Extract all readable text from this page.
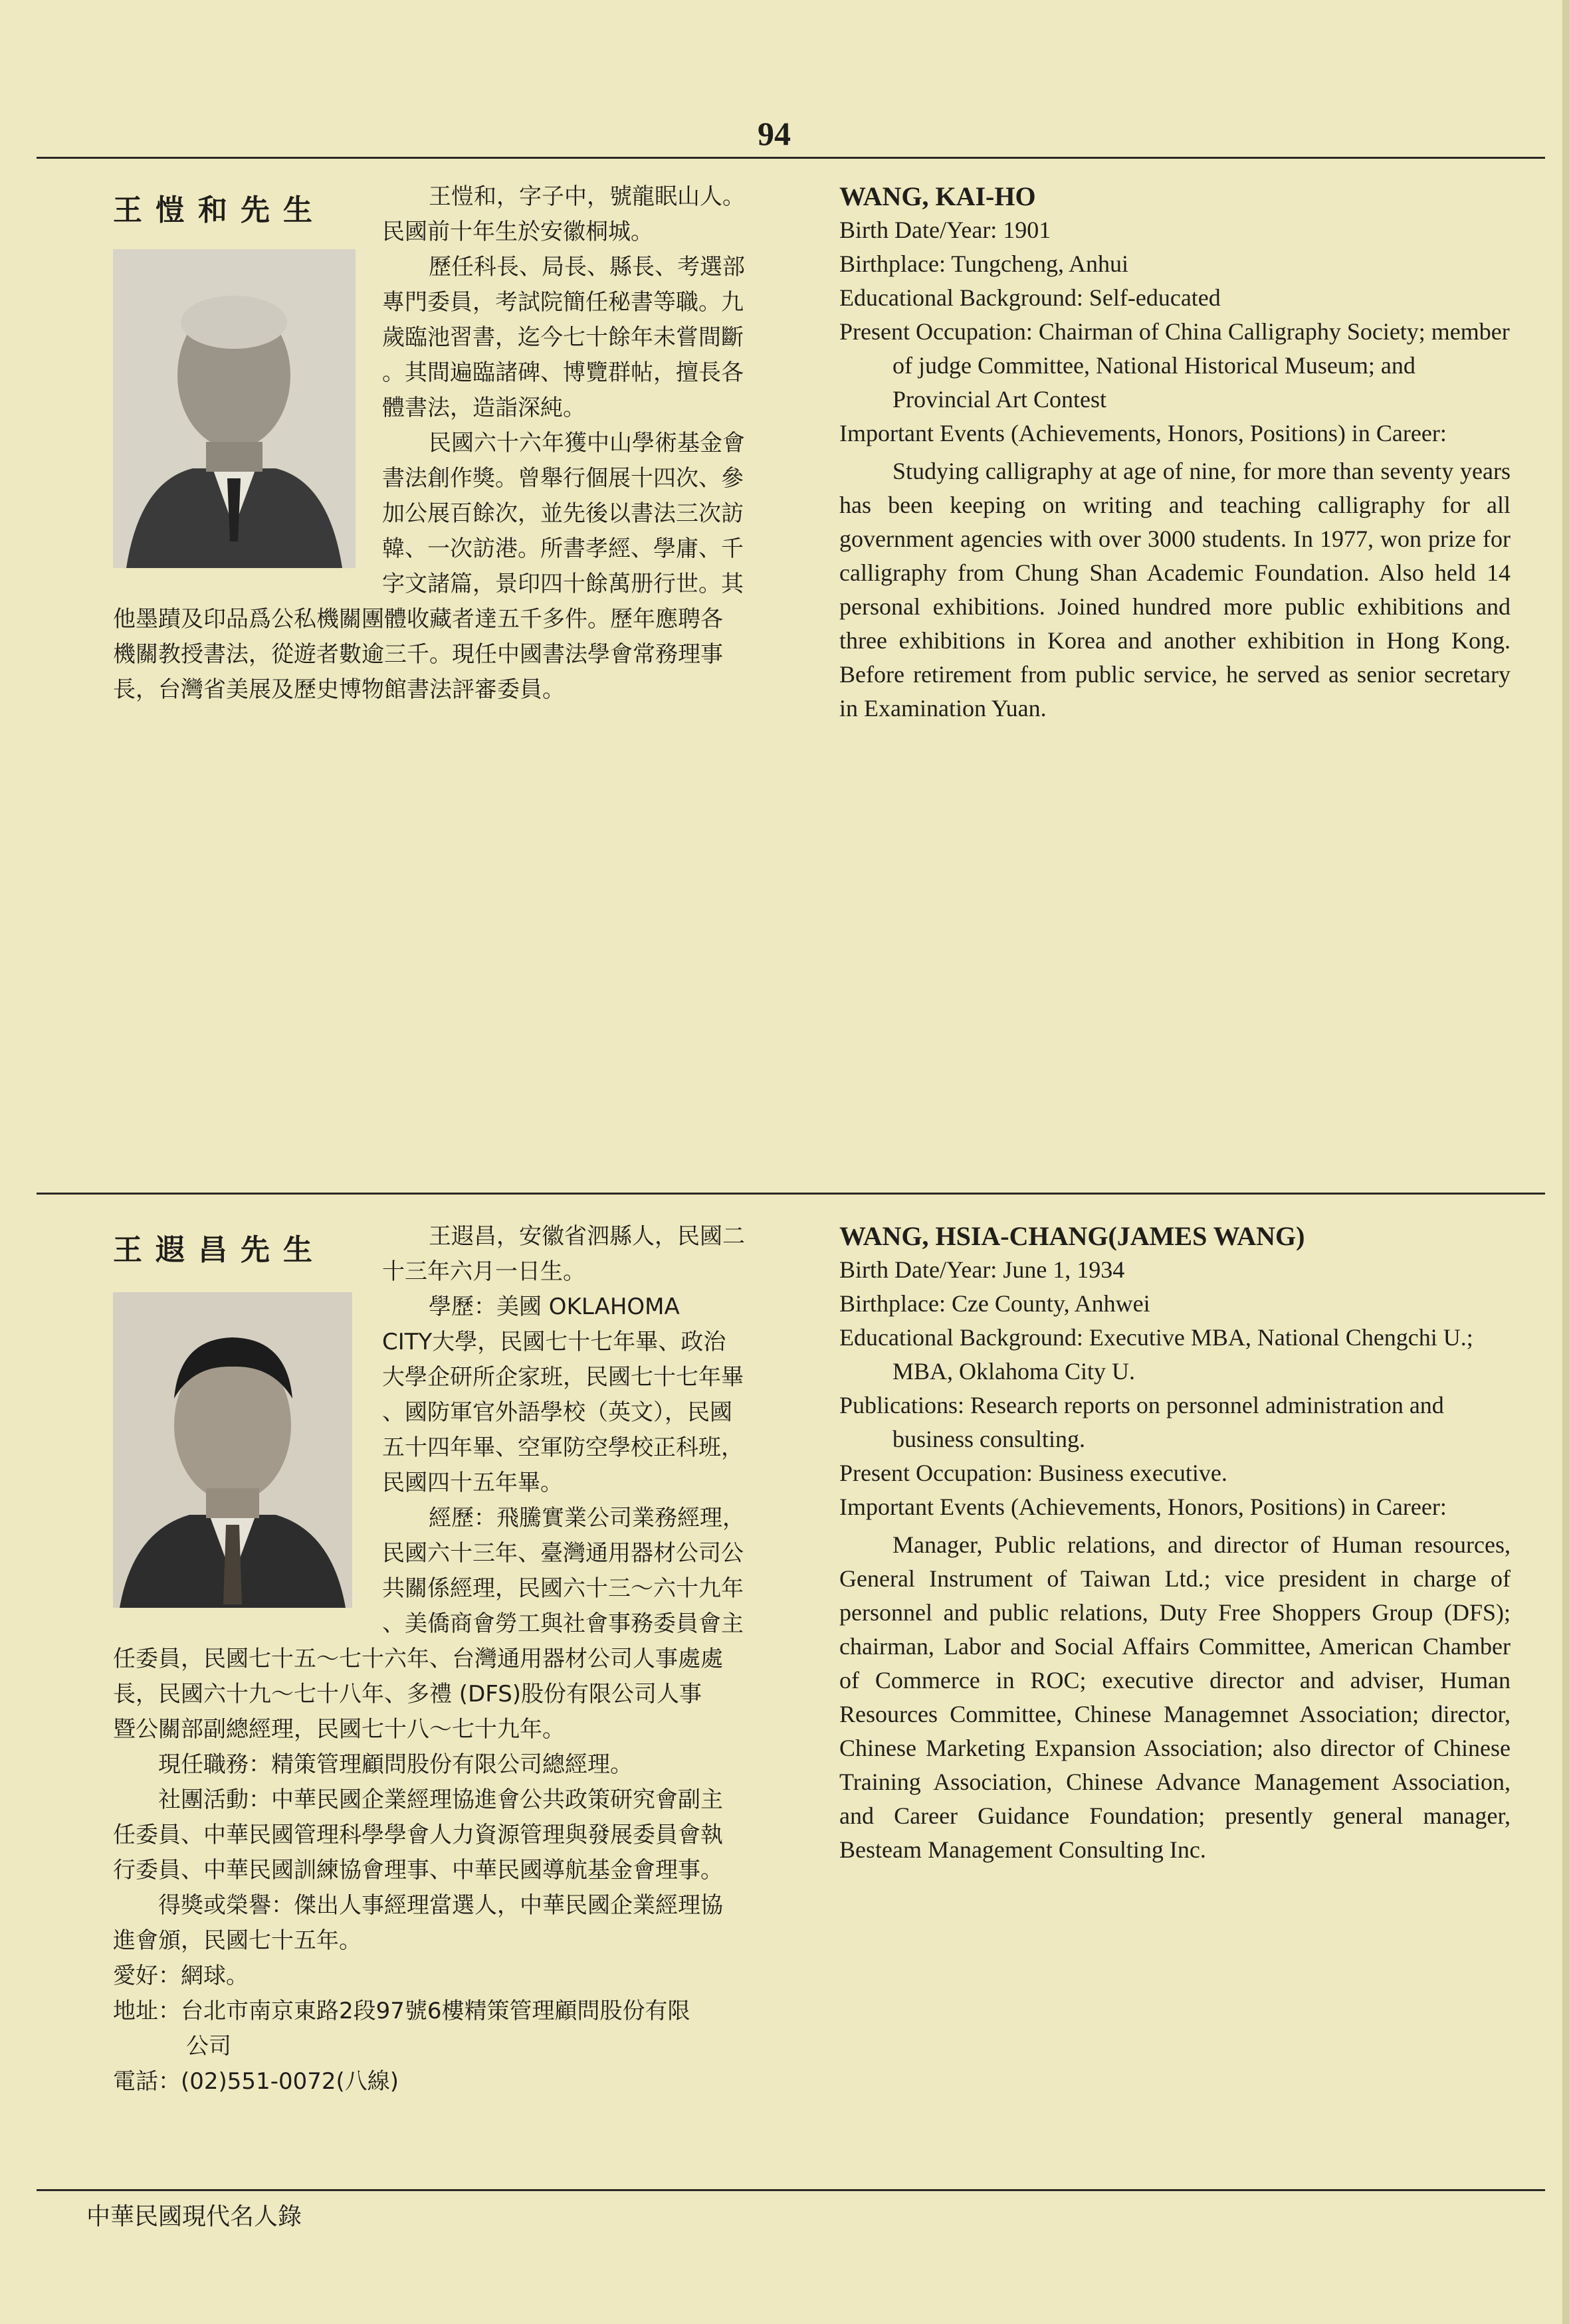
94
王愷和先生	王愷和，字子中，號龍眠山人。

民國前十年生於安徽桐城。

歷任科長、局長、縣長、考選部

專門委員，考試院簡任秘書等職。九

歲臨池習書，迄今七十餘年未嘗間斷

。其間遍臨諸碑、博覽群帖，擅長各

體書法，造詣深純。

民國六十六年獲中山學術基金會

書法創作獎。曾舉行個展十四次、參

加公展百餘次，並先後以書法三次訪

韓、一次訪港。所書孝經、學庸、千

字文諸篇，景印四十餘萬册行世。其

他墨蹟及印品爲公私機關團體收藏者達五千多件。歷年應聘各

機關教授書法，從遊者數逾三千。現任中國書法學會常務理事

長，台灣省美展及歷史博物館書法評審委員。

WANG, KAI-HO

Birth Date/Year: 1901

Birthplace: Tungcheng, Anhui

Educational Background: Self-educated

Present Occupation: Chairman of China Calligraphy Society; member of judge Committee, National Historical Museum; and Provincial Art Contest

Important Events (Achievements, Honors, Positions) in Career:

Studying calligraphy at age of nine, for more than seventy years has been keeping on writing and teaching calligraphy for all government agencies with over 3000 students. In 1977, won prize for calligraphy from Chung Shan Academic Foundation. Also held 14 personal exhibitions. Joined hundred more public exhibitions and three exhibitions in Korea and another exhibition in Hong Kong. Before retirement from public service, he served as senior secretary in Examination Yuan.

王遐昌先生	王遐昌，安徽省泗縣人，民國二

十三年六月一日生。

學歷：美國 OKLAHOMA

CITY大學，民國七十七年畢、政治

大學企研所企家班，民國七十七年畢

、國防軍官外語學校（英文），民國

五十四年畢、空軍防空學校正科班，

民國四十五年畢。

經歷：飛騰實業公司業務經理，

民國六十三年、臺灣通用器材公司公

共關係經理，民國六十三～六十九年

、美僑商會勞工與社會事務委員會主

任委員，民國七十五～七十六年、台灣通用器材公司人事處處

長，民國六十九～七十八年、多禮 (DFS)股份有限公司人事

暨公關部副總經理，民國七十八～七十九年。

現任職務：精策管理顧問股份有限公司總經理。

社團活動：中華民國企業經理協進會公共政策研究會副主

任委員、中華民國管理科學學會人力資源管理與發展委員會執

行委員、中華民國訓練協會理事、中華民國導航基金會理事。

得獎或榮譽：傑出人事經理當選人，中華民國企業經理協

進會頒，民國七十五年。

愛好：網球。

地址：台北市南京東路2段97號6樓精策管理顧問股份有限

公司

電話：(02)551-0072(八線)

WANG, HSIA-CHANG(JAMES WANG)

Birth Date/Year: June 1, 1934

Birthplace: Cze County, Anhwei

Educational Background: Executive MBA, National Chengchi U.; MBA, Oklahoma City U.

Publications: Research reports on personnel administration and business consulting.

Present Occupation: Business executive.

Important Events (Achievements, Honors, Positions) in Career:

Manager, Public relations, and director of Human resources, General Instrument of Taiwan Ltd.; vice president in charge of personnel and public relations, Duty Free Shoppers Group (DFS); chairman, Labor and Social Affairs Committee, American Chamber of Commerce in ROC; executive director and adviser, Human Resources Committee, Chinese Managemnet Association; director, Chinese Marketing Expansion Association; also director of Chinese Training Association, Chinese Advance Management Association, and Career Guidance Foundation; presently general manager, Besteam Management Consulting Inc.

中華民國現代名人錄
